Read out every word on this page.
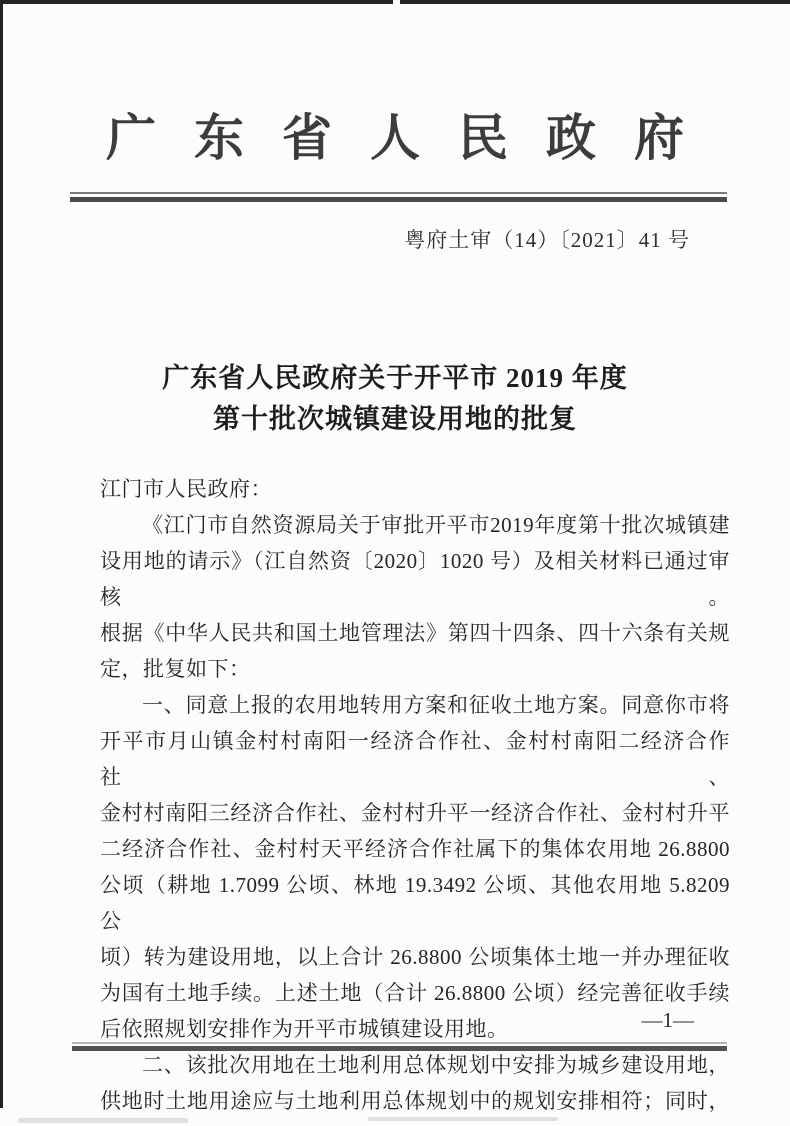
广东省人民政府
粤府土审（14）〔2021〕41 号
广东省人民政府关于开平市 2019 年度
第十批次城镇建设用地的批复
江门市人民政府：
《江门市自然资源局关于审批开平市2019年度第十批次城镇建
设用地的请示》（江自然资〔2020〕1020 号）及相关材料已通过审核。
根据《中华人民共和国土地管理法》第四十四条、四十六条有关规
定，批复如下：
一、同意上报的农用地转用方案和征收土地方案。同意你市将
开平市月山镇金村村南阳一经济合作社、金村村南阳二经济合作社、
金村村南阳三经济合作社、金村村升平一经济合作社、金村村升平
二经济合作社、金村村天平经济合作社属下的集体农用地 26.8800
公顷（耕地 1.7099 公顷、林地 19.3492 公顷、其他农用地 5.8209 公
顷）转为建设用地，以上合计 26.8800 公顷集体土地一并办理征收
为国有土地手续。上述土地（合计 26.8800 公顷）经完善征收手续
后依照规划安排作为开平市城镇建设用地。
二、该批次用地在土地利用总体规划中安排为城乡建设用地，
供地时土地用途应与土地利用总体规划中的规划安排相符；同时，
—1—
